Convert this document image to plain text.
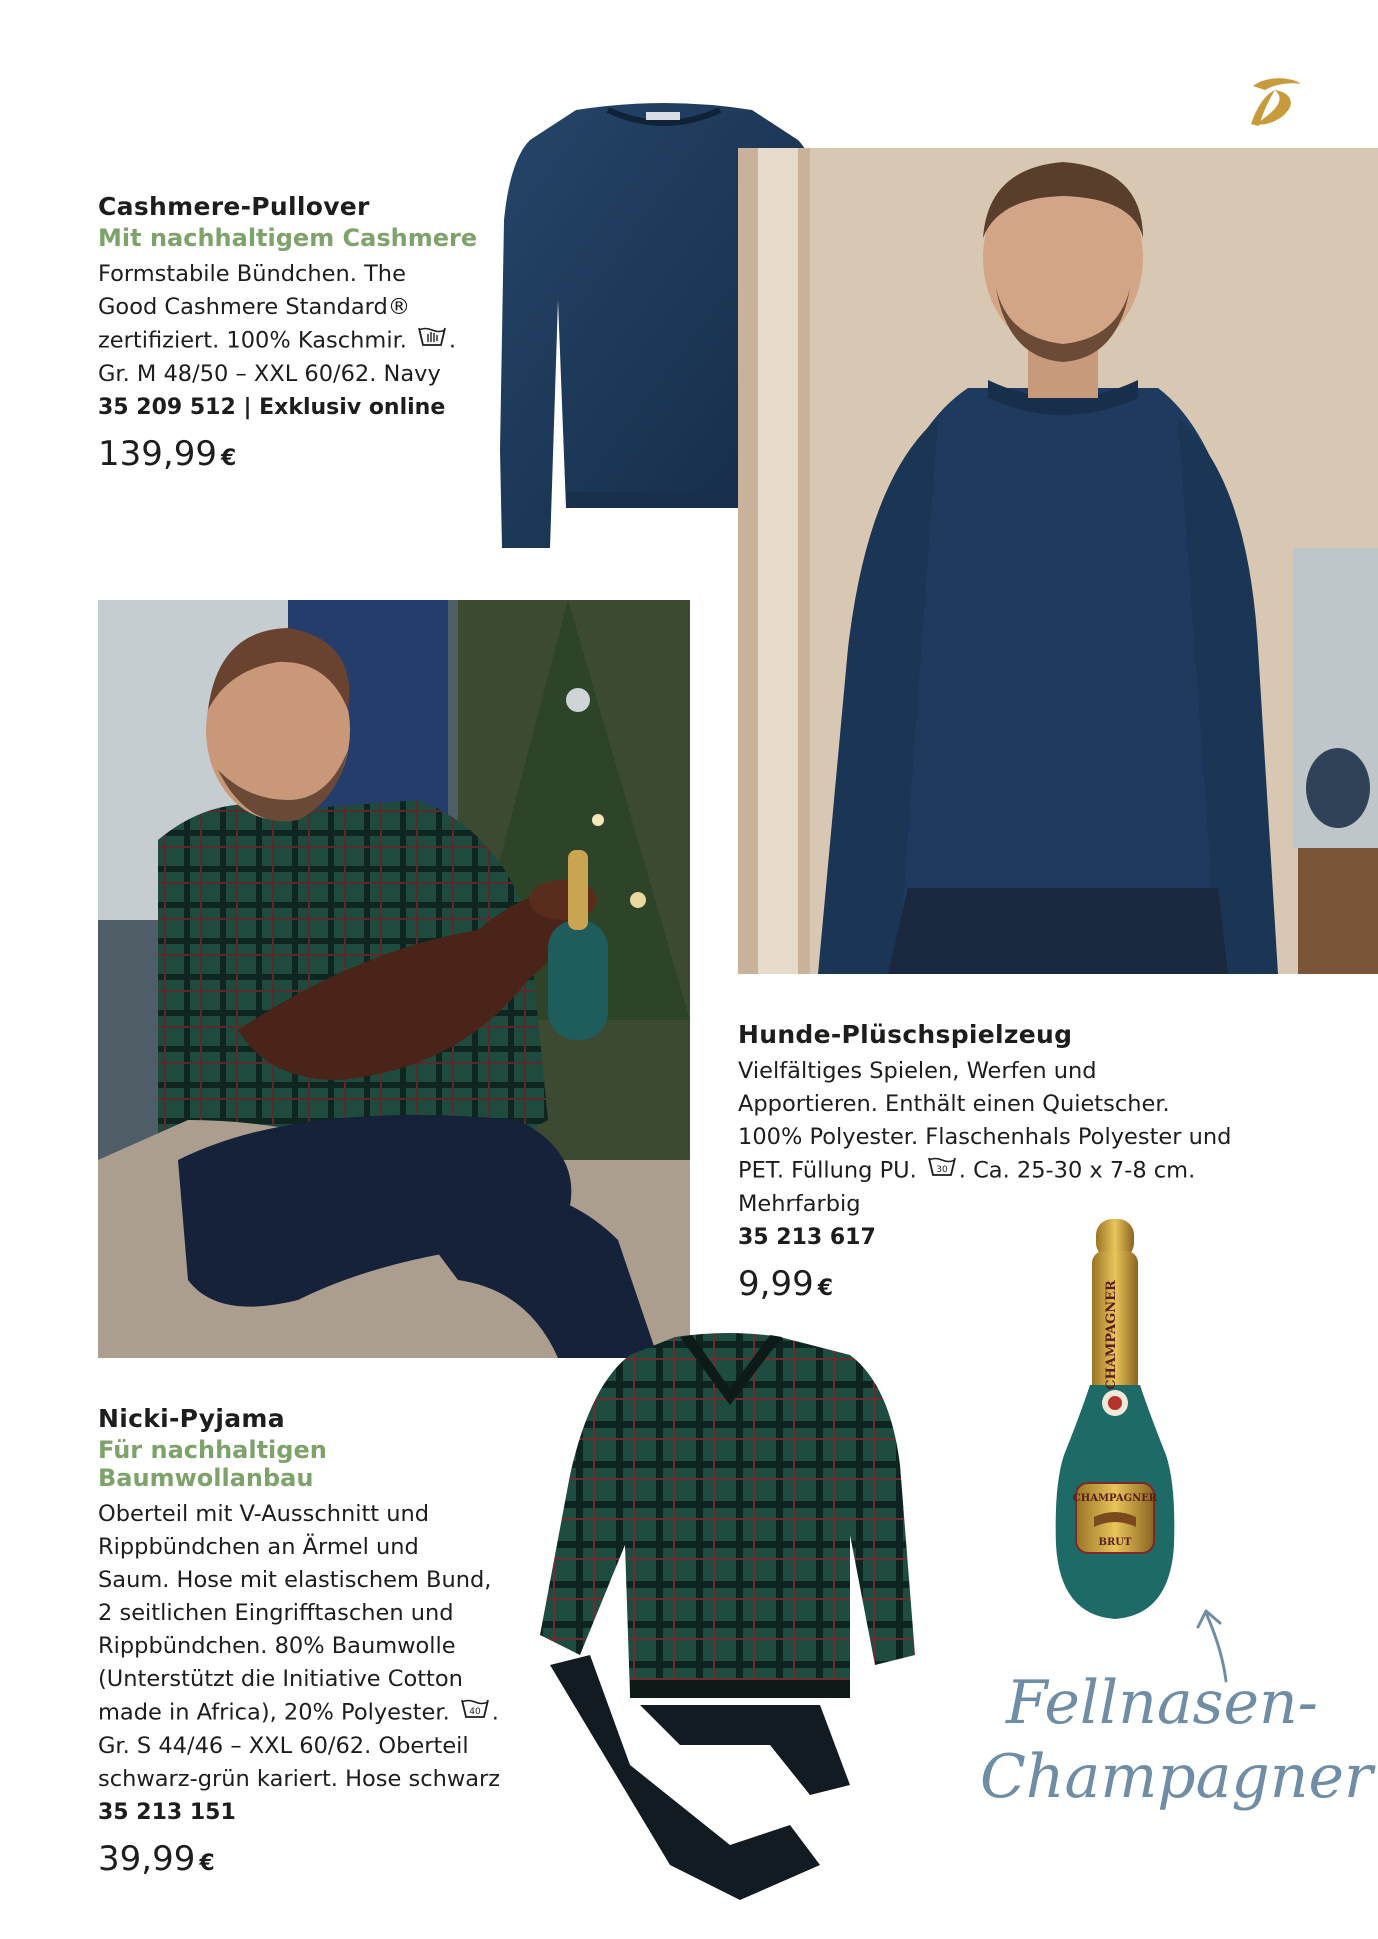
Cashmere-Pullover
Mit nachhaltigem Cashmere
Formstabile Bündchen. The
Good Cashmere Standard®
zertifiziert. 100% Kaschmir. .
Gr. M 48/50 – XXL 60/62. Navy
35 209 512 | Exklusiv online
139,99 €
Hunde-Plüschspielzeug
Vielfältiges Spielen, Werfen und
Apportieren. Enthält einen Quietscher.
100% Polyester. Flaschenhals Polyester und
PET. Füllung PU. 30 . Ca. 25-30 x 7-8 cm.
Mehrfarbig
35 213 617
9,99 €
Nicki-Pyjama
Für nachhaltigen Baumwollanbau
Oberteil mit V-Ausschnitt und
Rippbündchen an Ärmel und
Saum. Hose mit elastischem Bund,
2 seitlichen Eingrifftaschen und
Rippbündchen. 80% Baumwolle
(Unterstützt die Initiative Cotton
made in Africa), 20% Polyester. 40 .
Gr. S 44/46 – XXL 60/62. Oberteil
schwarz-grün kariert. Hose schwarz
35 213 151
39,99 €
CHAMPAGNER
CHAMPAGNER
BRUT
Fellnasen-
Champagner
